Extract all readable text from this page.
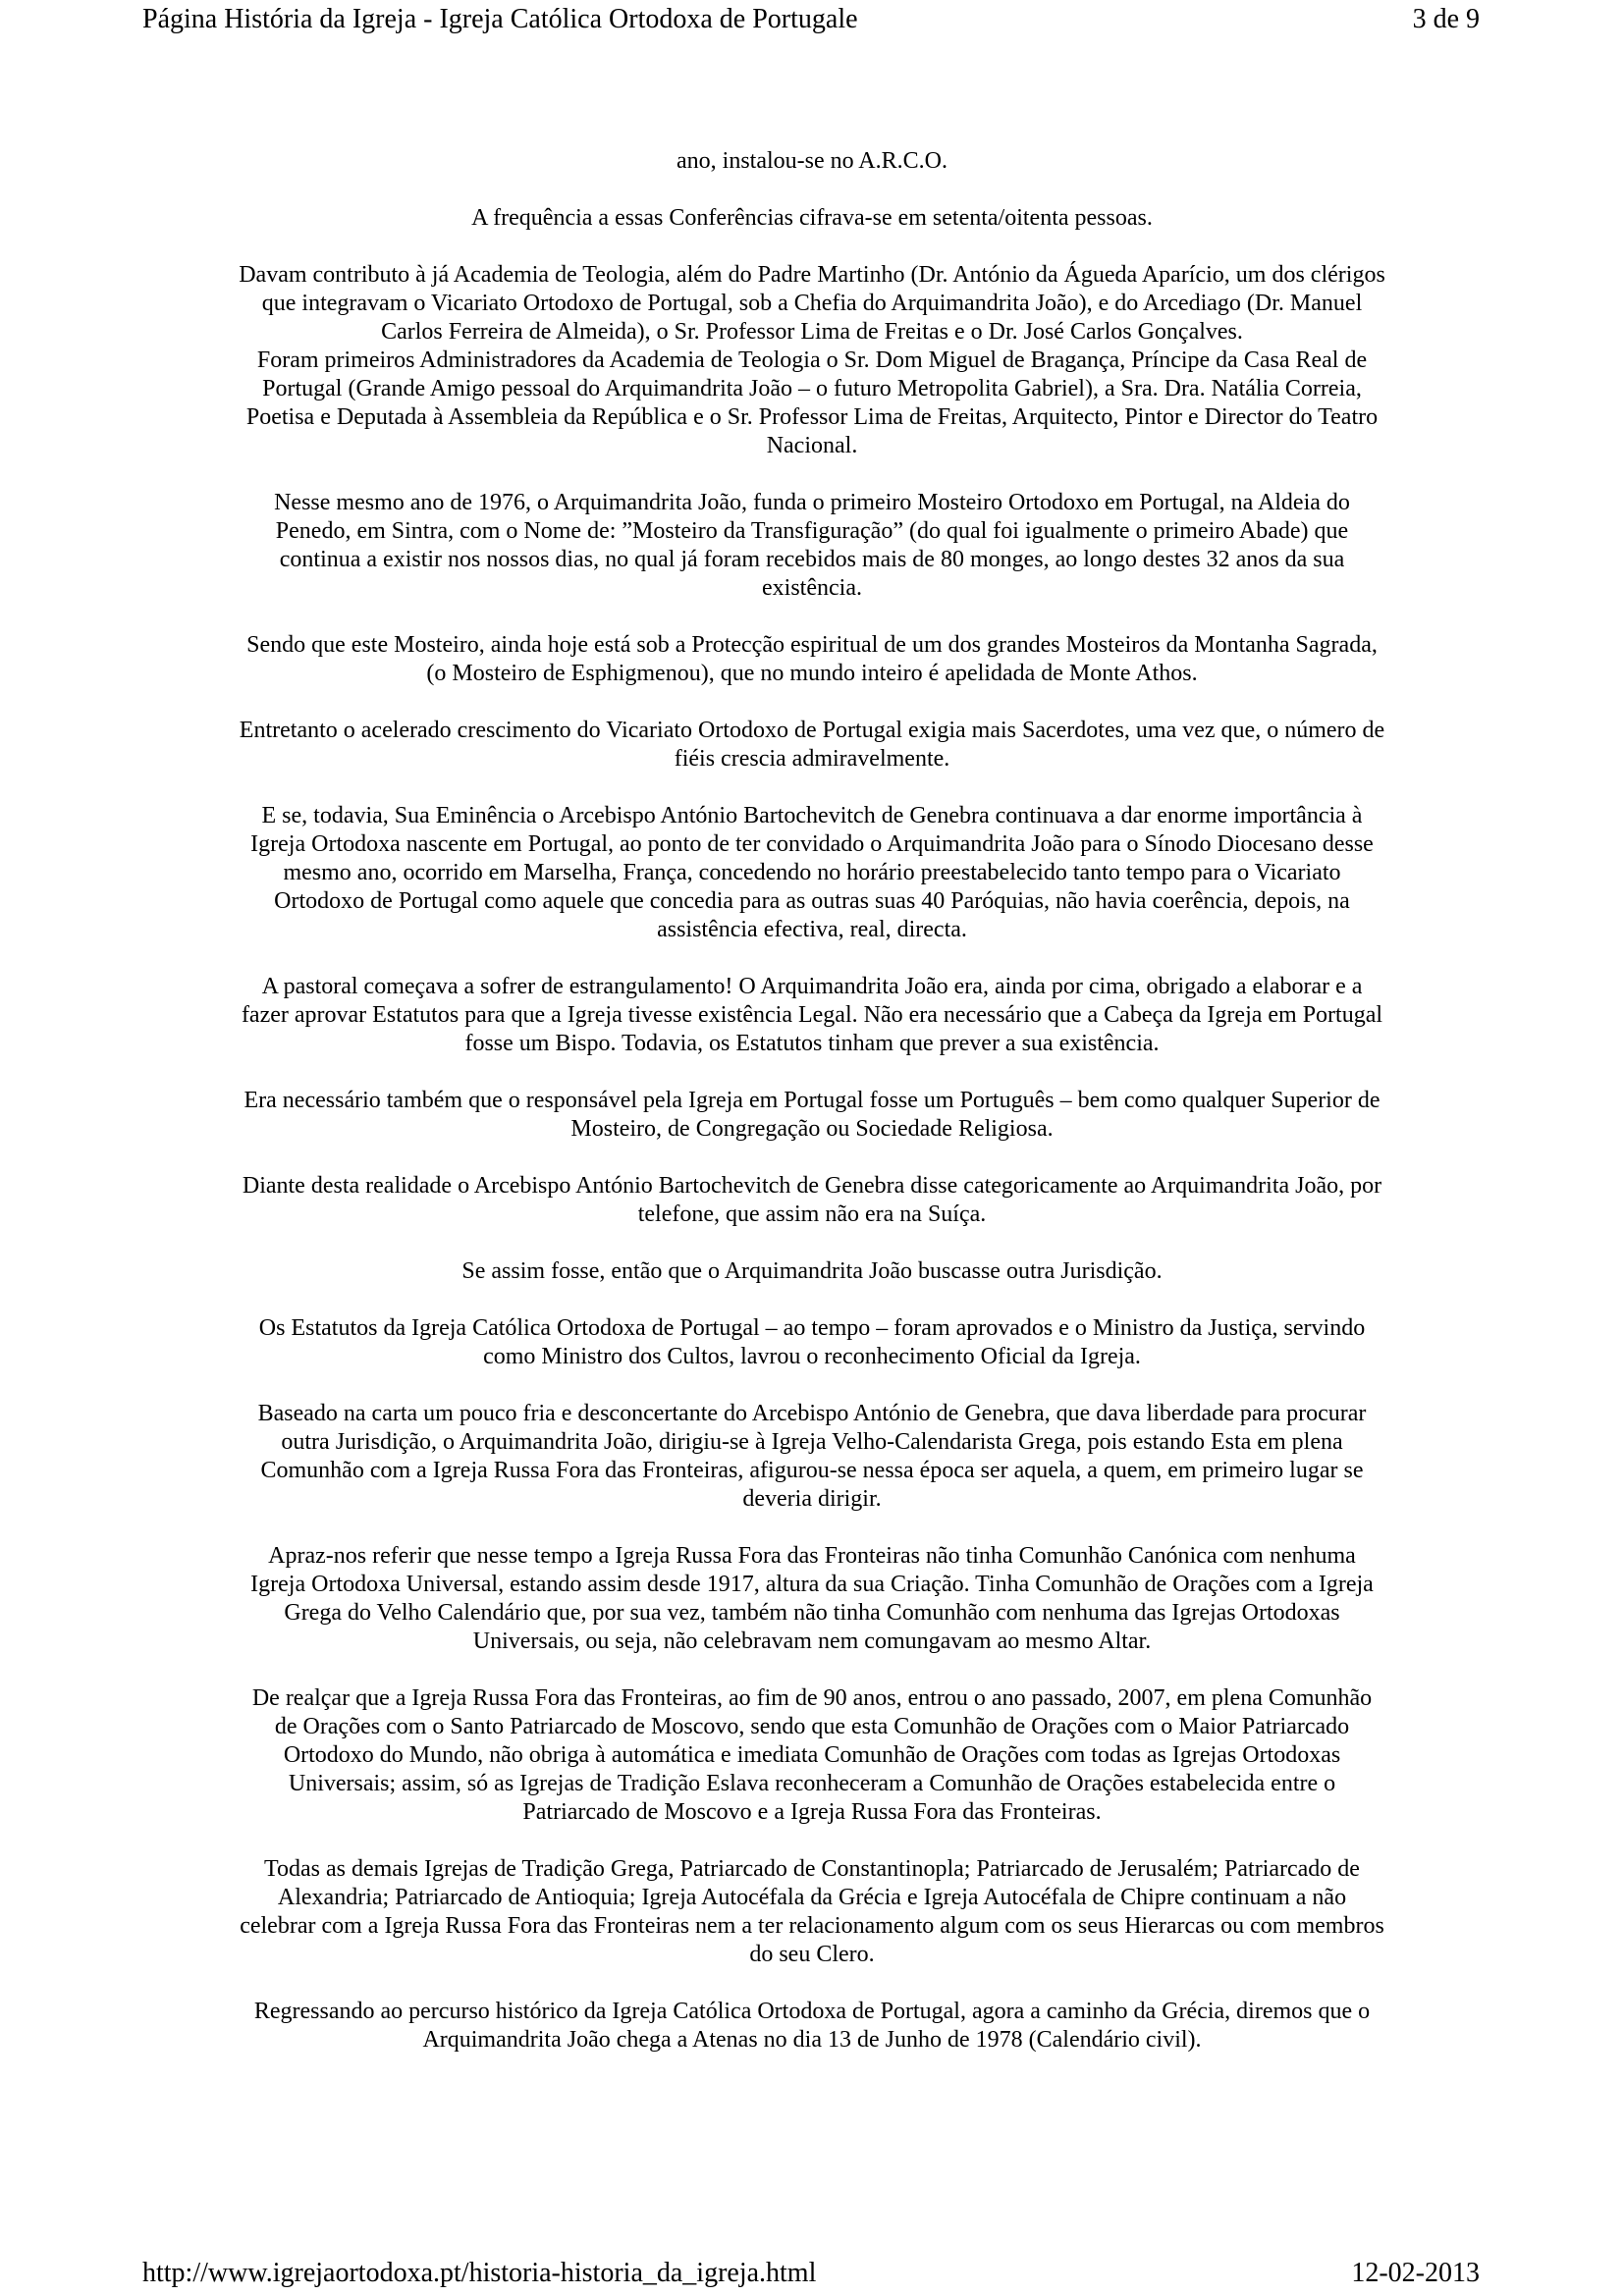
Página História da Igreja - Igreja Católica Ortodoxa de Portugale	3 de 9

ano, instalou-se no A.R.C.O.

A frequência a essas Conferências cifrava-se em setenta/oitenta pessoas.

Davam contributo à já Academia de Teologia, além do Padre Martinho (Dr. António da Águeda Aparício, um dos clérigos que integravam o Vicariato Ortodoxo de Portugal, sob a Chefia do Arquimandrita João), e do Arcediago (Dr. Manuel Carlos Ferreira de Almeida), o Sr. Professor Lima de Freitas e o Dr. José Carlos Gonçalves.

Foram primeiros Administradores da Academia de Teologia o Sr. Dom Miguel de Bragança, Príncipe da Casa Real de Portugal (Grande Amigo pessoal do Arquimandrita João – o futuro Metropolita Gabriel), a Sra. Dra. Natália Correia, Poetisa e Deputada à Assembleia da República e o Sr. Professor Lima de Freitas, Arquitecto, Pintor e Director do Teatro Nacional.

Nesse mesmo ano de 1976, o Arquimandrita João, funda o primeiro Mosteiro Ortodoxo em Portugal, na Aldeia do Penedo, em Sintra, com o Nome de: ”Mosteiro da Transfiguração” (do qual foi igualmente o primeiro Abade) que continua a existir nos nossos dias, no qual já foram recebidos mais de 80 monges, ao longo destes 32 anos da sua existência.

Sendo que este Mosteiro, ainda hoje está sob a Protecção espiritual de um dos grandes Mosteiros da Montanha Sagrada, (o Mosteiro de Esphigmenou), que no mundo inteiro é apelidada de Monte Athos.

Entretanto o acelerado crescimento do Vicariato Ortodoxo de Portugal exigia mais Sacerdotes, uma vez que, o número de fiéis crescia admiravelmente.

E se, todavia, Sua Eminência o Arcebispo António Bartochevitch de Genebra continuava a dar enorme importância à Igreja Ortodoxa nascente em Portugal, ao ponto de ter convidado o Arquimandrita João para o Sínodo Diocesano desse mesmo ano, ocorrido em Marselha, França, concedendo no horário preestabelecido tanto tempo para o Vicariato Ortodoxo de Portugal como aquele que concedia para as outras suas 40 Paróquias, não havia coerência, depois, na assistência efectiva, real, directa.

A pastoral começava a sofrer de estrangulamento! O Arquimandrita João era, ainda por cima, obrigado a elaborar e a fazer aprovar Estatutos para que a Igreja tivesse existência Legal. Não era necessário que a Cabeça da Igreja em Portugal fosse um Bispo. Todavia, os Estatutos tinham que prever a sua existência.

Era necessário também que o responsável pela Igreja em Portugal fosse um Português – bem como qualquer Superior de Mosteiro, de Congregação ou Sociedade Religiosa.

Diante desta realidade o Arcebispo António Bartochevitch de Genebra disse categoricamente ao Arquimandrita João, por telefone, que assim não era na Suíça.

Se assim fosse, então que o Arquimandrita João buscasse outra Jurisdição.

Os Estatutos da Igreja Católica Ortodoxa de Portugal – ao tempo – foram aprovados e o Ministro da Justiça, servindo como Ministro dos Cultos, lavrou o reconhecimento Oficial da Igreja.

Baseado na carta um pouco fria e desconcertante do Arcebispo António de Genebra, que dava liberdade para procurar outra Jurisdição, o Arquimandrita João, dirigiu-se à Igreja Velho-Calendarista Grega, pois estando Esta em plena Comunhão com a Igreja Russa Fora das Fronteiras, afigurou-se nessa época ser aquela, a quem, em primeiro lugar se deveria dirigir.

Apraz-nos referir que nesse tempo a Igreja Russa Fora das Fronteiras não tinha Comunhão Canónica com nenhuma Igreja Ortodoxa Universal, estando assim desde 1917, altura da sua Criação. Tinha Comunhão de Orações com a Igreja Grega do Velho Calendário que, por sua vez, também não tinha Comunhão com nenhuma das Igrejas Ortodoxas Universais, ou seja, não celebravam nem comungavam ao mesmo Altar.

De realçar que a Igreja Russa Fora das Fronteiras, ao fim de 90 anos, entrou o ano passado, 2007, em plena Comunhão de Orações com o Santo Patriarcado de Moscovo, sendo que esta Comunhão de Orações com o Maior Patriarcado Ortodoxo do Mundo, não obriga à automática e imediata Comunhão de Orações com todas as Igrejas Ortodoxas Universais; assim, só as Igrejas de Tradição Eslava reconheceram a Comunhão de Orações estabelecida entre o Patriarcado de Moscovo e a Igreja Russa Fora das Fronteiras.

Todas as demais Igrejas de Tradição Grega, Patriarcado de Constantinopla; Patriarcado de Jerusalém; Patriarcado de Alexandria; Patriarcado de Antioquia; Igreja Autocéfala da Grécia e Igreja Autocéfala de Chipre continuam a não celebrar com a Igreja Russa Fora das Fronteiras nem a ter relacionamento algum com os seus Hierarcas ou com membros do seu Clero.

Regressando ao percurso histórico da Igreja Católica Ortodoxa de Portugal, agora a caminho da Grécia, diremos que o Arquimandrita João chega a Atenas no dia 13 de Junho de 1978 (Calendário civil).

http://www.igrejaortodoxa.pt/historia-historia_da_igreja.html	12-02-2013
